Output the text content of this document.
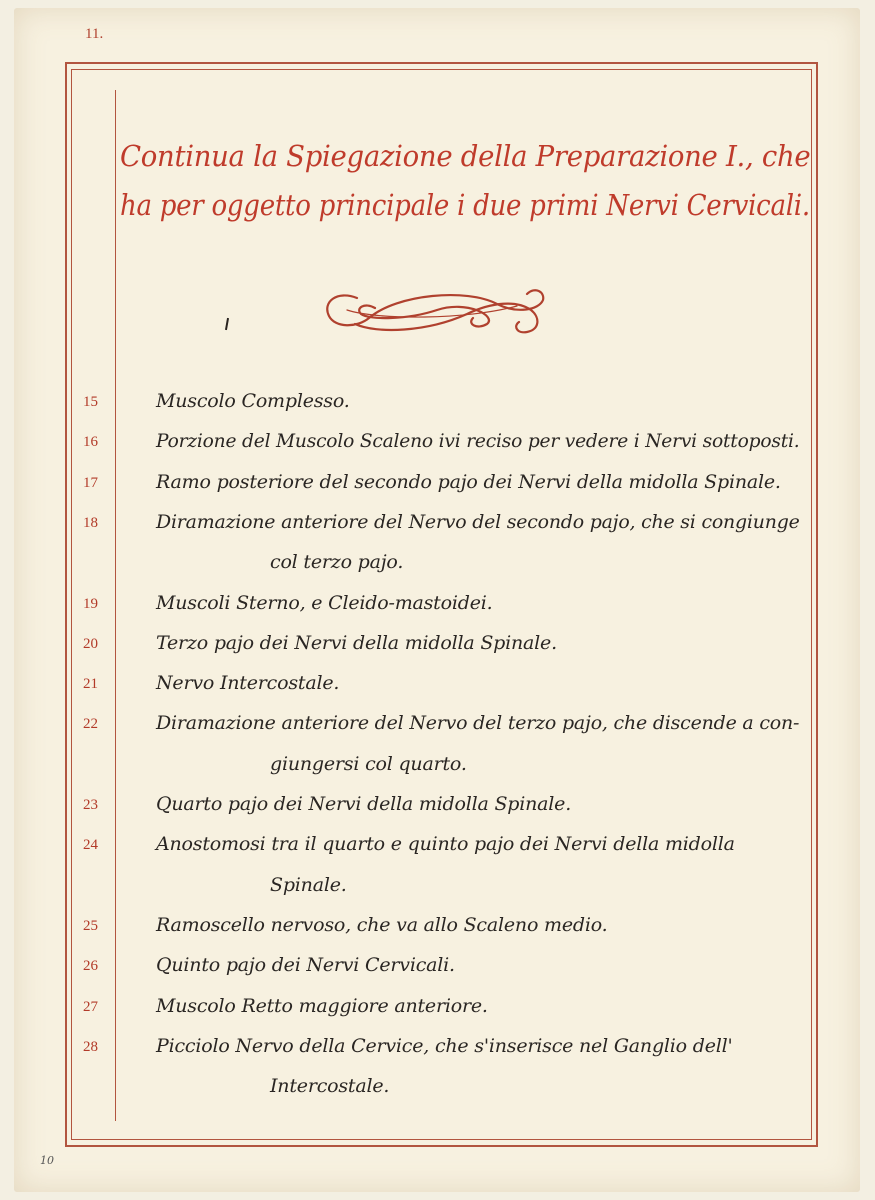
11.
Continua la Spiegazione della Preparazione I., che
ha per oggetto principale i due primi Nervi Cervicali.
15	Muscolo Complesso.
16	Porzione del Muscolo Scaleno ivi reciso per vedere i Nervi sottoposti.
17	Ramo posteriore del secondo pajo dei Nervi della midolla Spinale.
18	Diramazione anteriore del Nervo del secondo pajo, che si congiunge
col terzo pajo.
19	Muscoli Sterno, e Cleido-mastoidei.
20	Terzo pajo dei Nervi della midolla Spinale.
21	Nervo Intercostale.
22	Diramazione anteriore del Nervo del terzo pajo, che discende a con-
giungersi col quarto.
23	Quarto pajo dei Nervi della midolla Spinale.
24	Anostomosi tra il quarto e quinto pajo dei Nervi della midolla
Spinale.
25	Ramoscello nervoso, che va allo Scaleno medio.
26	Quinto pajo dei Nervi Cervicali.
27	Muscolo Retto maggiore anteriore.
28	Picciolo Nervo della Cervice, che s'inserisce nel Ganglio dell'
Intercostale.
10
